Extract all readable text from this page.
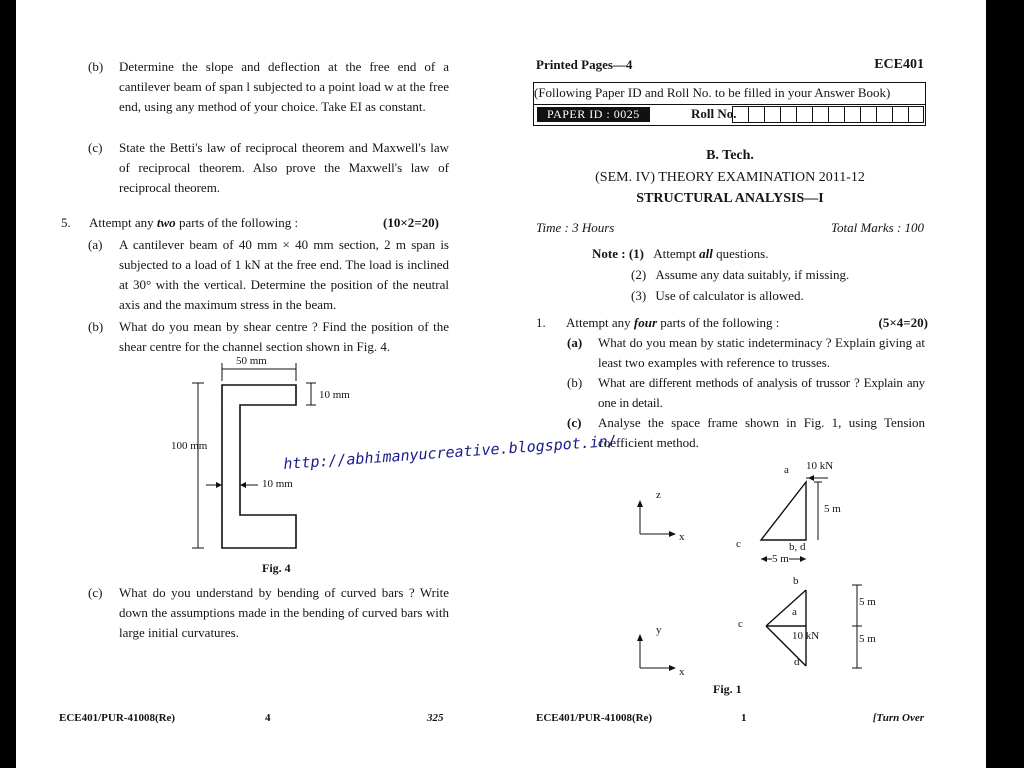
(b) Determine the slope and deflection at the free end of a cantilever beam of span l subjected to a point load w at the free end, using any method of your choice. Take EI as constant.
(c) State the Betti's law of reciprocal theorem and Maxwell's law of reciprocal theorem. Also prove the Maxwell's law of reciprocal theorem.
5. Attempt any two parts of the following :	(10×2=20)
(a) A cantilever beam of 40 mm × 40 mm section, 2 m span is subjected to a load of 1 kN at the free end. The load is inclined at 30° with the vertical. Determine the position of the neutral axis and the maximum stress in the beam.
(b) What do you mean by shear centre ? Find the position of the shear centre for the channel section shown in Fig. 4.
50 mm
10 mm
100 mm
10 mm
Fig. 4
(c) What do you understand by bending of curved bars ? Write down the assumptions made in the bending of curved bars with large initial curvatures.
ECE401/PUR-41008(Re)	4	325
http://abhimanyucreative.blogspot.in/
Printed Pages—4	ECE401
(Following Paper ID and Roll No. to be filled in your Answer Book)
PAPER ID : 0025	Roll No.
B. Tech.
(SEM. IV) THEORY EXAMINATION 2011-12
STRUCTURAL ANALYSIS—I
Time : 3 Hours	Total Marks : 100
Note : (1) Attempt all questions.
(2) Assume any data suitably, if missing.
(3) Use of calculator is allowed.
1. Attempt any four parts of the following :	(5×4=20)
(a) What do you mean by static indeterminacy ? Explain giving at least two examples with reference to trusses.
(b) What are different methods of analysis of trussor ? Explain any one in detail.
(c) Analyse the space frame shown in Fig. 1, using Tension coefficient method.
z
x
a 10 kN
5 m
c	b, d
5 m
b
5 m
a
c
y	10 kN	5 m
d
x
Fig. 1
ECE401/PUR-41008(Re)	1	[Turn Over
